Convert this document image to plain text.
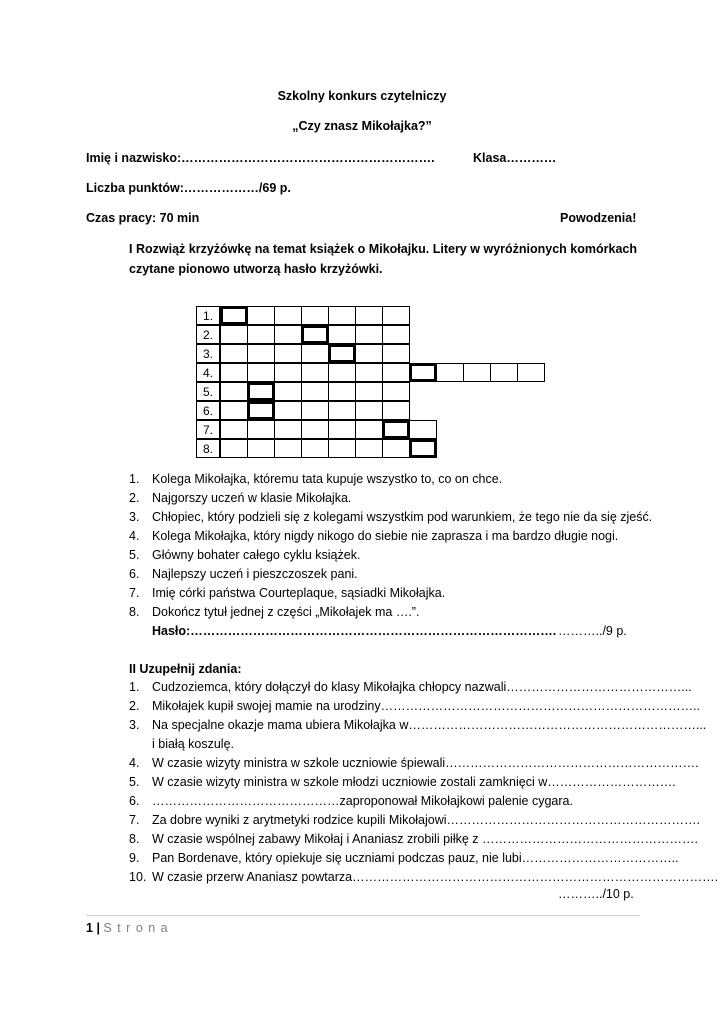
Szkolny konkurs czytelniczy
„Czy znasz Mikołajka?”
Imię i nazwisko:…………………………………………………….	Klasa…………
Liczba punktów:………………/69 p.
Czas pracy: 70 min	Powodzenia!
I Rozwiąż krzyżówkę na temat książek o Mikołajku. Litery w wyróżnionych komórkach
czytane pionowo utworzą hasło krzyżówki.
1.
2.
3.
4.
5.
6.
7.
8.
1. Kolega Mikołajka, któremu tata kupuje wszystko to, co on chce.
2. Najgorszy uczeń w klasie Mikołajka.
3. Chłopiec, który podzieli się z kolegami wszystkim pod warunkiem, że tego nie da się zjeść.
4. Kolega Mikołajka, który nigdy nikogo do siebie nie zaprasza i ma bardzo długie nogi.
5. Główny bohater całego cyklu książek.
6. Najlepszy uczeń i pieszczoszek pani.
7. Imię córki państwa Courteplaque, sąsiadki Mikołajka.
8. Dokończ tytuł jednej z części „Mikołajek ma ….”.
Hasło:……………………………………………………………………………. ………../9 p.
II Uzupełnij zdania:
1. Cudzoziemca, który dołączył do klasy Mikołajka chłopcy nazwali……………………………………...
2. Mikołajek kupił swojej mamie na urodziny…………………………………………………………………..
3. Na specjalne okazje mama ubiera Mikołajka w……………………………………………………………...
i białą koszulę.
4. W czasie wizyty ministra w szkole uczniowie śpiewali…………………………………………………….
5. W czasie wizyty ministra w szkole młodzi uczniowie zostali zamknięci w………………………….
6. ………………………………………zaproponował Mikołajkowi palenie cygara.
7. Za dobre wyniki z arytmetyki rodzice kupili Mikołajowi…………………………………………………….
8. W czasie wspólnej zabawy Mikołaj i Ananiasz zrobili piłkę z …………………………………………….
9. Pan Bordenave, który opiekuje się uczniami podczas pauz, nie lubi………………………………..
10. W czasie przerw Ananiasz powtarza…………………………………………………………………………….
………../10 p.
1 | S t r o n a
